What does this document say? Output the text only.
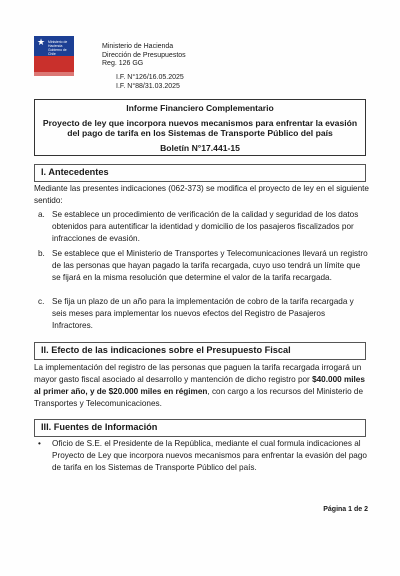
★ Ministerio de Hacienda Gobierno de Chile
Ministerio de Hacienda
Dirección de Presupuestos
Reg. 126 GG
I.F. N°126/16.05.2025
I.F. N°88/31.03.2025
Informe Financiero Complementario
Proyecto de ley que incorpora nuevos mecanismos para enfrentar la evasión del pago de tarifa en los Sistemas de Transporte Público del país
Boletín N°17.441-15
I. Antecedentes
Mediante las presentes indicaciones (062-373) se modifica el proyecto de ley en el siguiente sentido:
a. Se establece un procedimiento de verificación de la calidad y seguridad de los datos obtenidos para autentificar la identidad y domicilio de los pasajeros fiscalizados por infracciones de evasión.
b. Se establece que el Ministerio de Transportes y Telecomunicaciones llevará un registro de las personas que hayan pagado la tarifa recargada, cuyo uso tendrá un límite que se fijará en la misma resolución que determine el valor de la tarifa recargada.
c. Se fija un plazo de un año para la implementación de cobro de la tarifa recargada y seis meses para implementar los nuevos efectos del Registro de Pasajeros Infractores.
II. Efecto de las indicaciones sobre el Presupuesto Fiscal
La implementación del registro de las personas que paguen la tarifa recargada irrogará un mayor gasto fiscal asociado al desarrollo y mantención de dicho registro por $40.000 miles al primer año, y de $20.000 miles en régimen, con cargo a los recursos del Ministerio de Transportes y Telecomunicaciones.
III. Fuentes de Información
• Oficio de S.E. el Presidente de la República, mediante el cual formula indicaciones al Proyecto de Ley que incorpora nuevos mecanismos para enfrentar la evasión del pago de tarifa en los Sistemas de Transporte Público del país.
Página 1 de 2
